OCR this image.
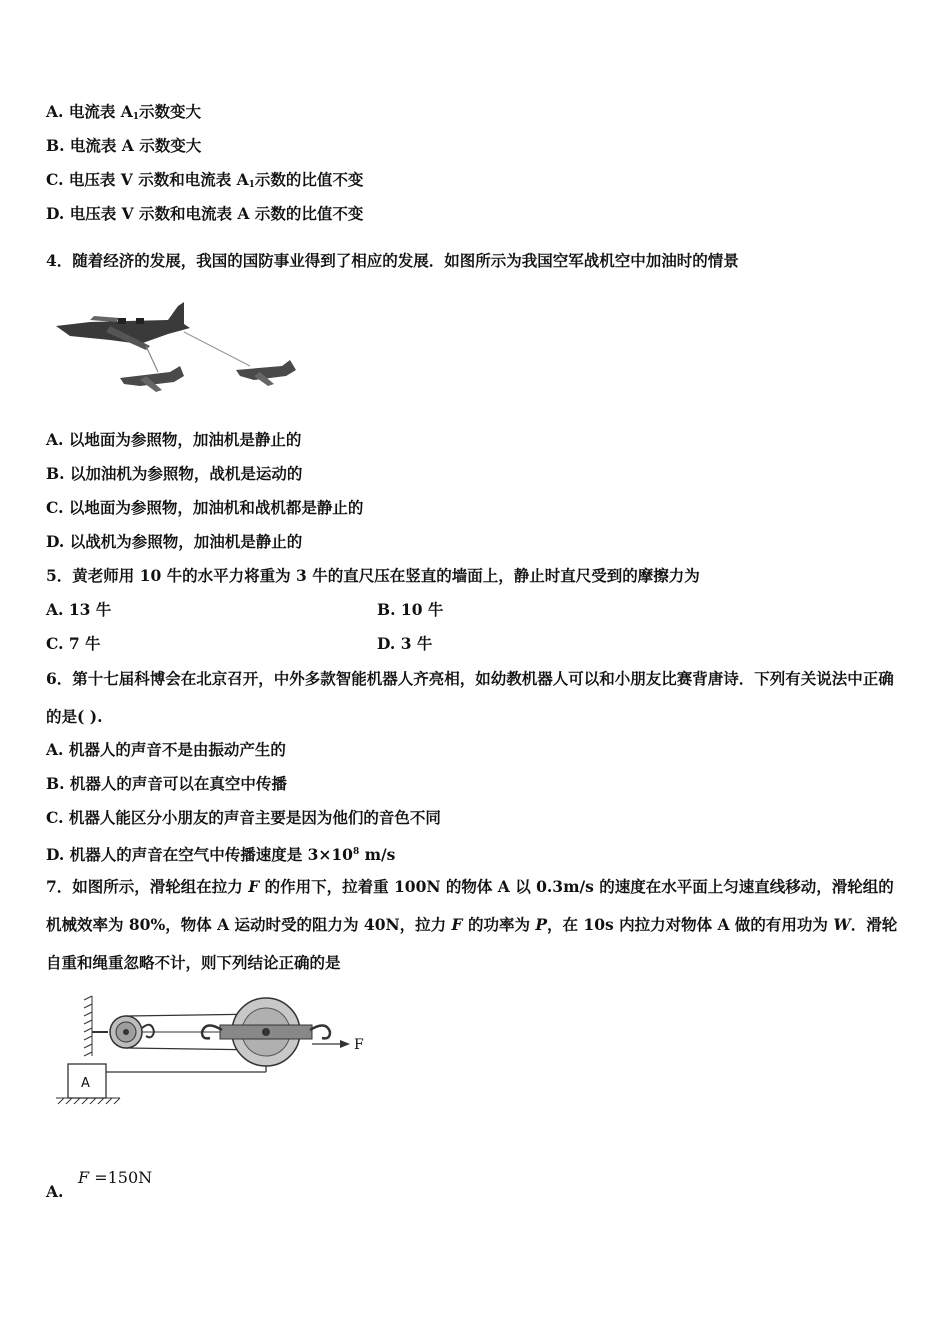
A. 电流表 $A_1$示数变大
B. 电流表 A 示数变大
C. 电压表 V 示数和电流表 $A_1$示数的比值不变
D. 电压表 V 示数和电流表 A 示数的比值不变
4．随着经济的发展，我国的国防事业得到了相应的发展．如图所示为我国空军战机空中加油时的情景
A. 以地面为参照物，加油机是静止的
B. 以加油机为参照物，战机是运动的
C. 以地面为参照物，加油机和战机都是静止的
D. 以战机为参照物，加油机是静止的
5．黄老师用 10 牛的水平力将重为 3 牛的直尺压在竖直的墙面上，静止时直尺受到的摩擦力为
A. 13 牛	B. 10 牛
C. 7 牛	D. 3 牛
6．第十七届科博会在北京召开，中外多款智能机器人齐亮相，如幼教机器人可以和小朋友比赛背唐诗．下列有关说法中正确的是( ).
A. 机器人的声音不是由振动产生的
B. 机器人的声音可以在真空中传播
C. 机器人能区分小朋友的声音主要是因为他们的音色不同
D. 机器人的声音在空气中传播速度是 $3\times 10^8$ m/s
7．如图所示，滑轮组在拉力 F 的作用下，拉着重 100N 的物体 A 以 0.3m/s 的速度在水平面上匀速直线移动，滑轮组的机械效率为 80%，物体 A 运动时受的阻力为 40N，拉力 F 的功率为 P，在 10s 内拉力对物体 A 做的有用功为 W．滑轮自重和绳重忽略不计，则下列结论正确的是
F
A
A.
F =150N
